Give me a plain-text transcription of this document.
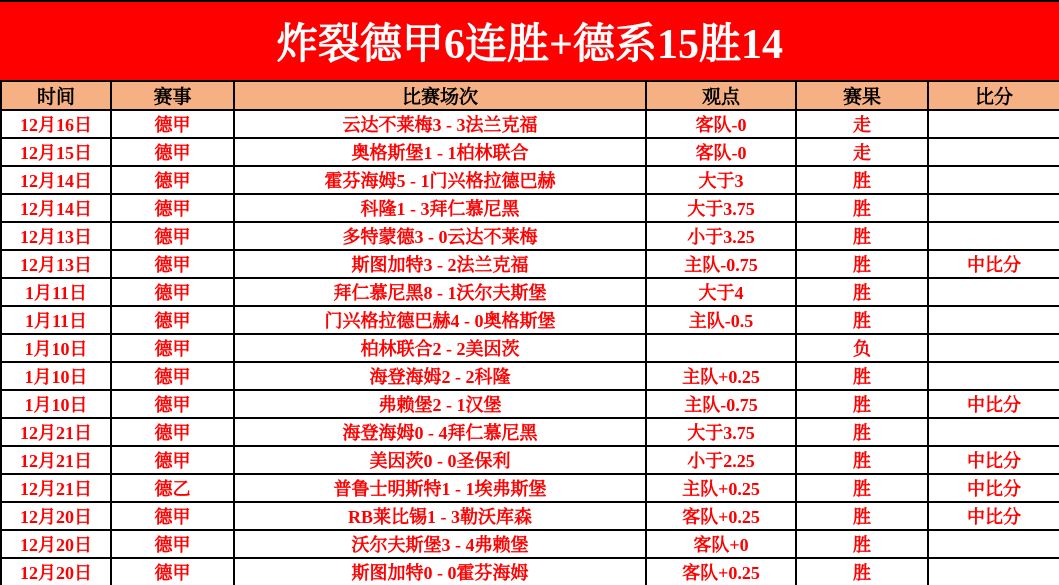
炸裂德甲6连胜+德系15胜14
时间	赛事	比赛场次	观点	赛果	比分
12月16日	德甲	云达不莱梅3 - 3法兰克福	客队-0	走	
12月15日	德甲	奥格斯堡1 - 1柏林联合	客队-0	走	
12月14日	德甲	霍芬海姆5 - 1门兴格拉德巴赫	大于3	胜	
12月14日	德甲	科隆1 - 3拜仁慕尼黑	大于3.75	胜	
12月13日	德甲	多特蒙德3 - 0云达不莱梅	小于3.25	胜	
12月13日	德甲	斯图加特3 - 2法兰克福	主队-0.75	胜	中比分
1月11日	德甲	拜仁慕尼黑8 - 1沃尔夫斯堡	大于4	胜	
1月11日	德甲	门兴格拉德巴赫4 - 0奥格斯堡	主队-0.5	胜	
1月10日	德甲	柏林联合2 - 2美因茨		负	
1月10日	德甲	海登海姆2 - 2科隆	主队+0.25	胜	
1月10日	德甲	弗赖堡2 - 1汉堡	主队-0.75	胜	中比分
12月21日	德甲	海登海姆0 - 4拜仁慕尼黑	大于3.75	胜	
12月21日	德甲	美因茨0 - 0圣保利	小于2.25	胜	中比分
12月21日	德乙	普鲁士明斯特1 - 1埃弗斯堡	主队+0.25	胜	中比分
12月20日	德甲	RB莱比锡1 - 3勒沃库森	客队+0.25	胜	中比分
12月20日	德甲	沃尔夫斯堡3 - 4弗赖堡	客队+0	胜	
12月20日	德甲	斯图加特0 - 0霍芬海姆	客队+0.25	胜	
